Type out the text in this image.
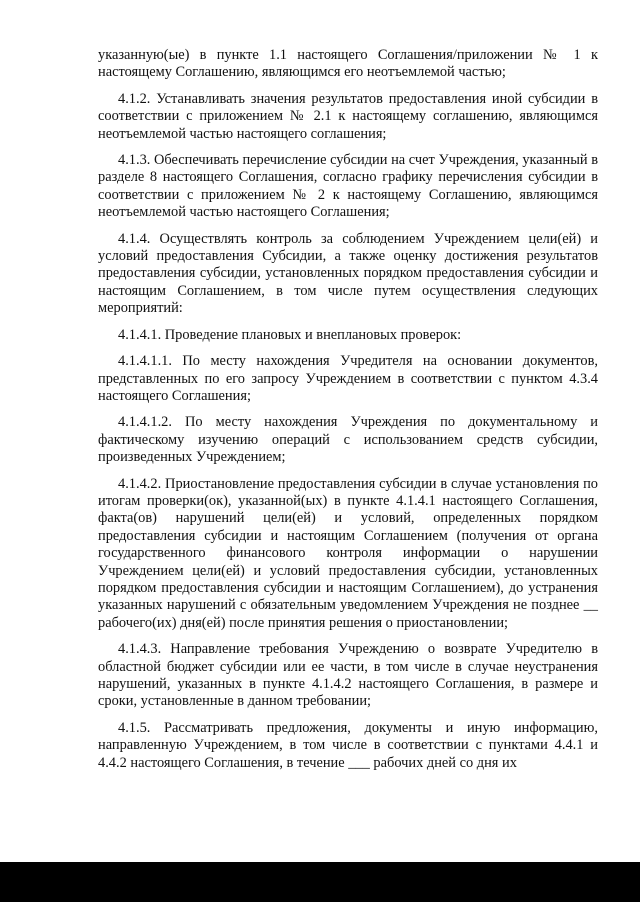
указанную(ые) в пункте 1.1 настоящего Соглашения/приложении № 1 к настоящему Соглашению, являющимся его неотъемлемой частью;

4.1.2. Устанавливать значения результатов предоставления иной субсидии в соответствии с приложением № 2.1 к настоящему соглашению, являющимся неотъемлемой частью настоящего соглашения;

4.1.3. Обеспечивать перечисление субсидии на счет Учреждения, указанный в разделе 8 настоящего Соглашения, согласно графику перечисления субсидии в соответствии с приложением № 2 к настоящему Соглашению, являющимся неотъемлемой частью настоящего Соглашения;

4.1.4. Осуществлять контроль за соблюдением Учреждением цели(ей) и условий предоставления Субсидии, а также оценку достижения результатов предоставления субсидии, установленных порядком предоставления субсидии и настоящим Соглашением, в том числе путем осуществления следующих мероприятий:

4.1.4.1. Проведение плановых и внеплановых проверок:

4.1.4.1.1. По месту нахождения Учредителя на основании документов, представленных по его запросу Учреждением в соответствии с пунктом 4.3.4 настоящего Соглашения;

4.1.4.1.2. По месту нахождения Учреждения по документальному и фактическому изучению операций с использованием средств субсидии, произведенных Учреждением;

4.1.4.2. Приостановление предоставления субсидии в случае установления по итогам проверки(ок), указанной(ых) в пункте 4.1.4.1 настоящего Соглашения, факта(ов) нарушений цели(ей) и условий, определенных порядком предоставления субсидии и настоящим Соглашением (получения от органа государственного финансового контроля информации о нарушении Учреждением цели(ей) и условий предоставления субсидии, установленных порядком предоставления субсидии и настоящим Соглашением), до устранения указанных нарушений с обязательным уведомлением Учреждения не позднее __ рабочего(их) дня(ей) после принятия решения о приостановлении;

4.1.4.3. Направление требования Учреждению о возврате Учредителю в областной бюджет субсидии или ее части, в том числе в случае неустранения нарушений, указанных в пункте 4.1.4.2 настоящего Соглашения, в размере и сроки, установленные в данном требовании;

4.1.5. Рассматривать предложения, документы и иную информацию, направленную Учреждением, в том числе в соответствии с пунктами 4.4.1 и 4.4.2 настоящего Соглашения, в течение ___ рабочих дней со дня их
